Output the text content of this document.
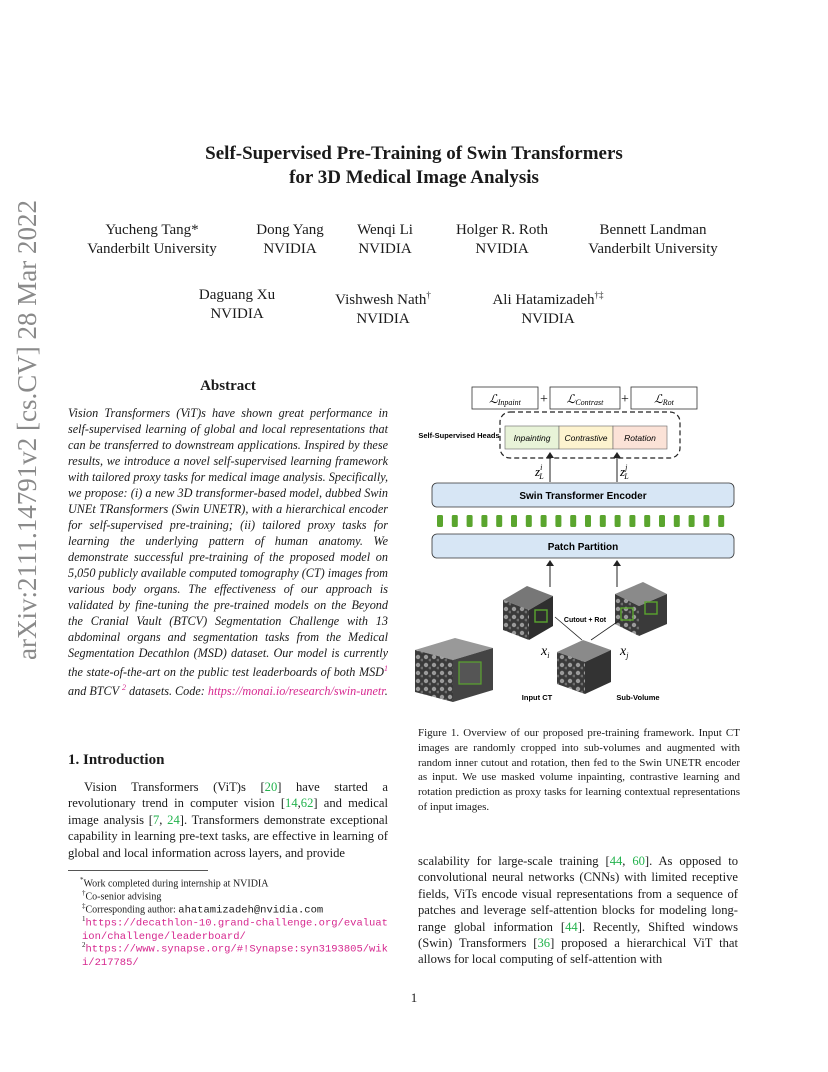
arXiv:2111.14791v2 [cs.CV] 28 Mar 2022
Self-Supervised Pre-Training of Swin Transformers
for 3D Medical Image Analysis
Yucheng Tang*
Vanderbilt University
Dong Yang
NVIDIA
Wenqi Li
NVIDIA
Holger R. Roth
NVIDIA
Bennett Landman
Vanderbilt University
Daguang Xu
NVIDIA
Vishwesh Nath†
NVIDIA
Ali Hatamizadeh†‡
NVIDIA
Abstract
Vision Transformers (ViT)s have shown great performance in self-supervised learning of global and local representations that can be transferred to downstream applications. Inspired by these results, we introduce a novel self-supervised learning framework with tailored proxy tasks for medical image analysis. Specifically, we propose: (i) a new 3D transformer-based model, dubbed Swin UNEt TRansformers (Swin UNETR), with a hierarchical encoder for self-supervised pre-training; (ii) tailored proxy tasks for learning the underlying pattern of human anatomy. We demonstrate successful pre-training of the proposed model on 5,050 publicly available computed tomography (CT) images from various body organs. The effectiveness of our approach is validated by fine-tuning the pre-trained models on the Beyond the Cranial Vault (BTCV) Segmentation Challenge with 13 abdominal organs and segmentation tasks from the Medical Segmentation Decathlon (MSD) dataset. Our model is currently the state-of-the-art on the public test leaderboards of both MSD$^1$ and BTCV $^2$ datasets. Code: https://monai.io/research/swin-unetr.
1. Introduction
Vision Transformers (ViT)s [20] have started a revolutionary trend in computer vision [14,62] and medical image analysis [7, 24]. Transformers demonstrate exceptional capability in learning pre-text tasks, are effective in learning of global and local information across layers, and provide
*Work completed during internship at NVIDIA
†Co-senior advising
‡Corresponding author: ahatamizadeh@nvidia.com
$^1$https://decathlon-10.grand-challenge.org/evaluation/challenge/leaderboard/
$^2$https://www.synapse.org/#!Synapse:syn3193805/wiki/217785/
ℒInpaint + ℒContrast + ℒRot
Self-Supervised Heads Inpainting Contrastive Rotation
$z^i$ L	$z^j$ L
Swin Transformer Encoder
Patch Partition
Cutout + Rot
$x_i$	$x_j$
Input CT	Sub-Volume
Figure 1. Overview of our proposed pre-training framework. Input CT images are randomly cropped into sub-volumes and augmented with random inner cutout and rotation, then fed to the Swin UNETR encoder as input. We use masked volume inpainting, contrastive learning and rotation prediction as proxy tasks for learning contextual representations of input images.
scalability for large-scale training [44, 60]. As opposed to convolutional neural networks (CNNs) with limited receptive fields, ViTs encode visual representations from a sequence of patches and leverage self-attention blocks for modeling long-range global information [44]. Recently, Shifted windows (Swin) Transformers [36] proposed a hierarchical ViT that allows for local computing of self-attention with
1
